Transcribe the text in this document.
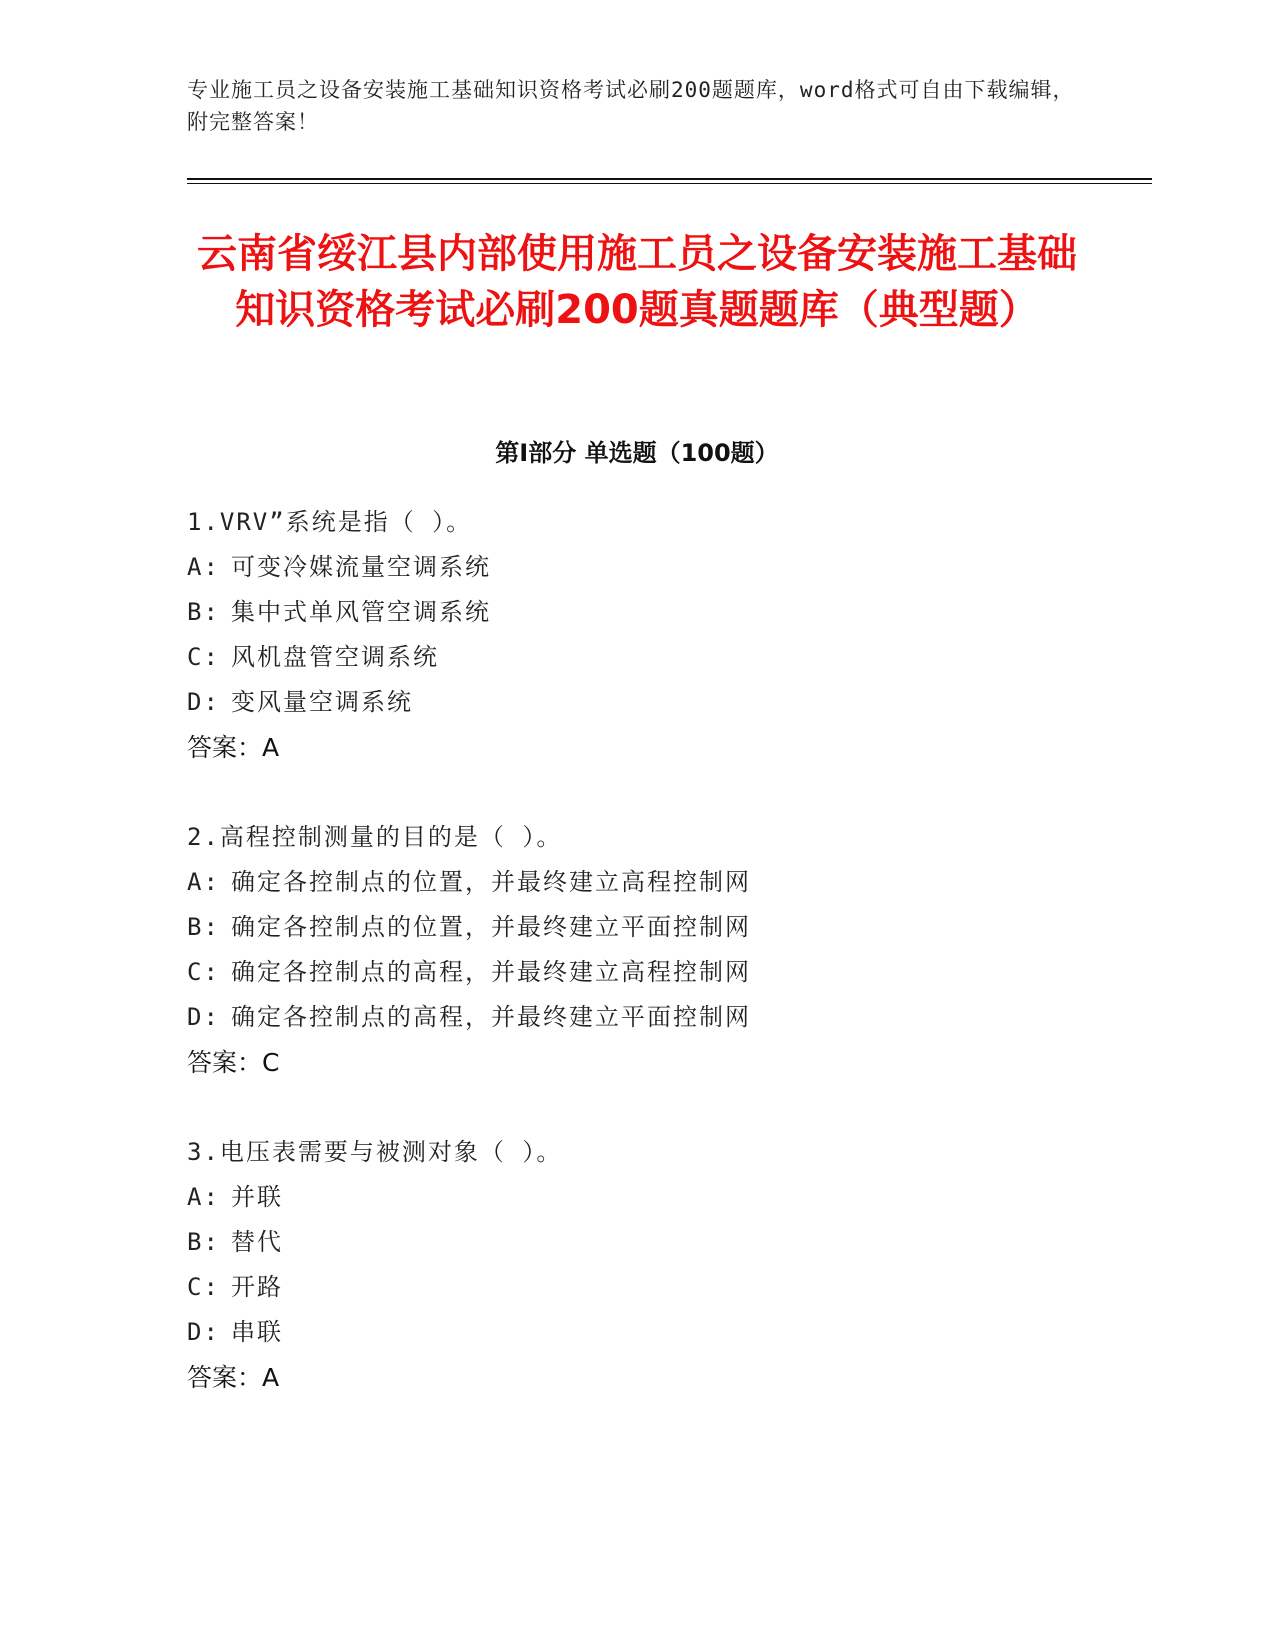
专业施工员之设备安装施工基础知识资格考试必刷200题题库，word格式可自由下载编辑，附完整答案！
云南省绥江县内部使用施工员之设备安装施工基础知识资格考试必刷200题真题题库（典型题）
第Ⅰ部分 单选题（100题）
1.VRV”系统是指（ ）。
A: 可变冷媒流量空调系统
B: 集中式单风管空调系统
C: 风机盘管空调系统
D: 变风量空调系统
答案：A
2.高程控制测量的目的是（ ）。
A: 确定各控制点的位置，并最终建立高程控制网
B: 确定各控制点的位置，并最终建立平面控制网
C: 确定各控制点的高程，并最终建立高程控制网
D: 确定各控制点的高程，并最终建立平面控制网
答案：C
3.电压表需要与被测对象（ ）。
A: 并联
B: 替代
C: 开路
D: 串联
答案：A
